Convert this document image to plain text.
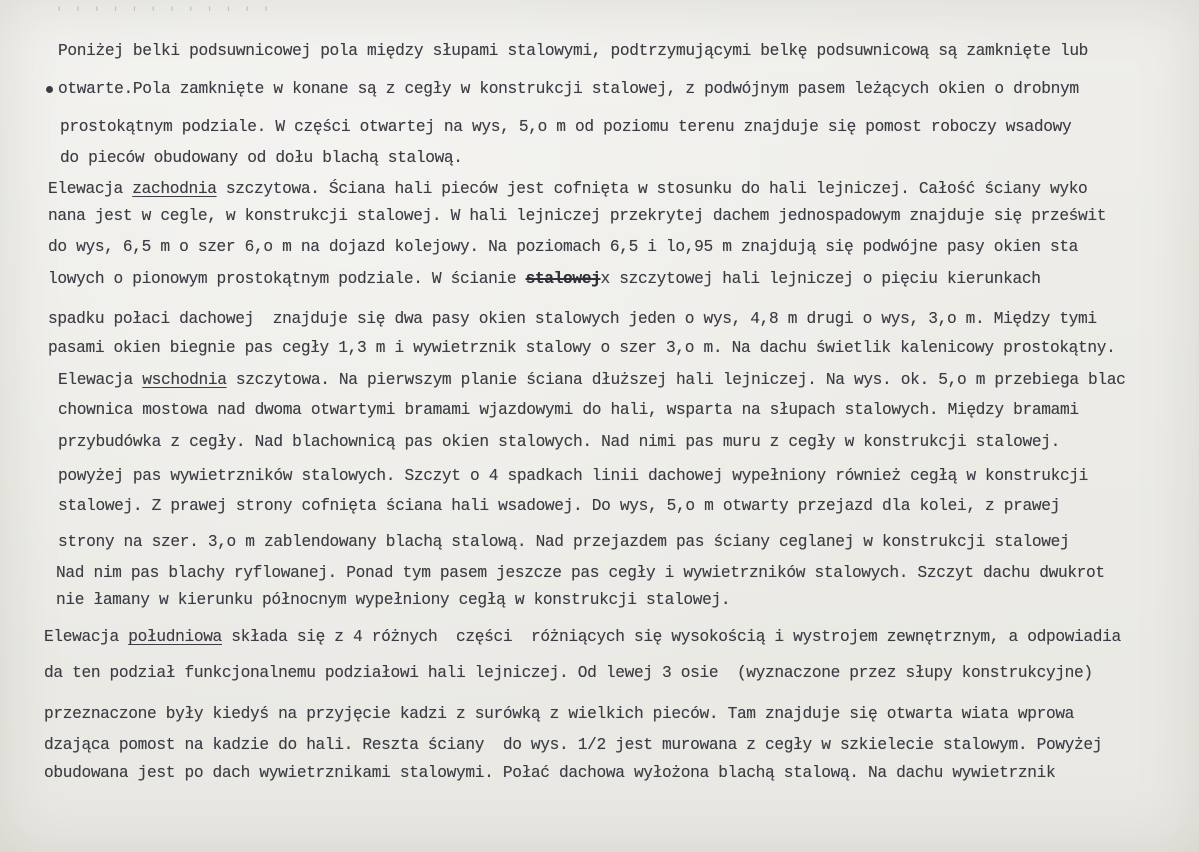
ʹ ʹ ʹ ʹ ʹ ʹ ʹ ʹ ʹ ʹ ʹ ʹ
Poniżej belki podsuwnicowej pola między słupami stalowymi, podtrzymującymi belkę podsuwnicową są zamknięte lub
otwarte.Pola zamknięte w konane są z cegły w konstrukcji stalowej, z podwójnym pasem leżących okien o drobnym
prostokątnym podziale. W części otwartej na wys, 5,o m od poziomu terenu znajduje się pomost roboczy wsadowy
do pieców obudowany od dołu blachą stalową.
Elewacja zachodnia szczytowa. Ściana hali pieców jest cofnięta w stosunku do hali lejniczej. Całość ściany wyko
nana jest w cegle, w konstrukcji stalowej. W hali lejniczej przekrytej dachem jednospadowym znajduje się prześwit
do wys, 6,5 m o szer 6,o m na dojazd kolejowy. Na poziomach 6,5 i lo,95 m znajdują się podwójne pasy okien sta
lowych o pionowym prostokątnym podziale. W ścianie stalowejx szczytowej hali lejniczej o pięciu kierunkach
spadku połaci dachowej  znajduje się dwa pasy okien stalowych jeden o wys, 4,8 m drugi o wys, 3,o m. Między tymi
pasami okien biegnie pas cegły 1,3 m i wywietrznik stalowy o szer 3,o m. Na dachu świetlik kalenicowy prostokątny.
Elewacja wschodnia szczytowa. Na pierwszym planie ściana dłuższej hali lejniczej. Na wys. ok. 5,o m przebiega blac
chownica mostowa nad dwoma otwartymi bramami wjazdowymi do hali, wsparta na słupach stalowych. Między bramami
przybudówka z cegły. Nad blachownicą pas okien stalowych. Nad nimi pas muru z cegły w konstrukcji stalowej.
powyżej pas wywietrzników stalowych. Szczyt o 4 spadkach linii dachowej wypełniony również cegłą w konstrukcji
stalowej. Z prawej strony cofnięta ściana hali wsadowej. Do wys, 5,o m otwarty przejazd dla kolei, z prawej
strony na szer. 3,o m zablendowany blachą stalową. Nad przejazdem pas ściany ceglanej w konstrukcji stalowej
Nad nim pas blachy ryflowanej. Ponad tym pasem jeszcze pas cegły i wywietrzników stalowych. Szczyt dachu dwukrot
nie łamany w kierunku północnym wypełniony cegłą w konstrukcji stalowej.
Elewacja południowa składa się z 4 różnych  części  różniących się wysokością i wystrojem zewnętrznym, a odpowiadia
da ten podział funkcjonalnemu podziałowi hali lejniczej. Od lewej 3 osie  (wyznaczone przez słupy konstrukcyjne)
przeznaczone były kiedyś na przyjęcie kadzi z surówką z wielkich pieców. Tam znajduje się otwarta wiata wprowa
dzająca pomost na kadzie do hali. Reszta ściany  do wys. 1/2 jest murowana z cegły w szkielecie stalowym. Powyżej
obudowana jest po dach wywietrznikami stalowymi. Połać dachowa wyłożona blachą stalową. Na dachu wywietrznik
